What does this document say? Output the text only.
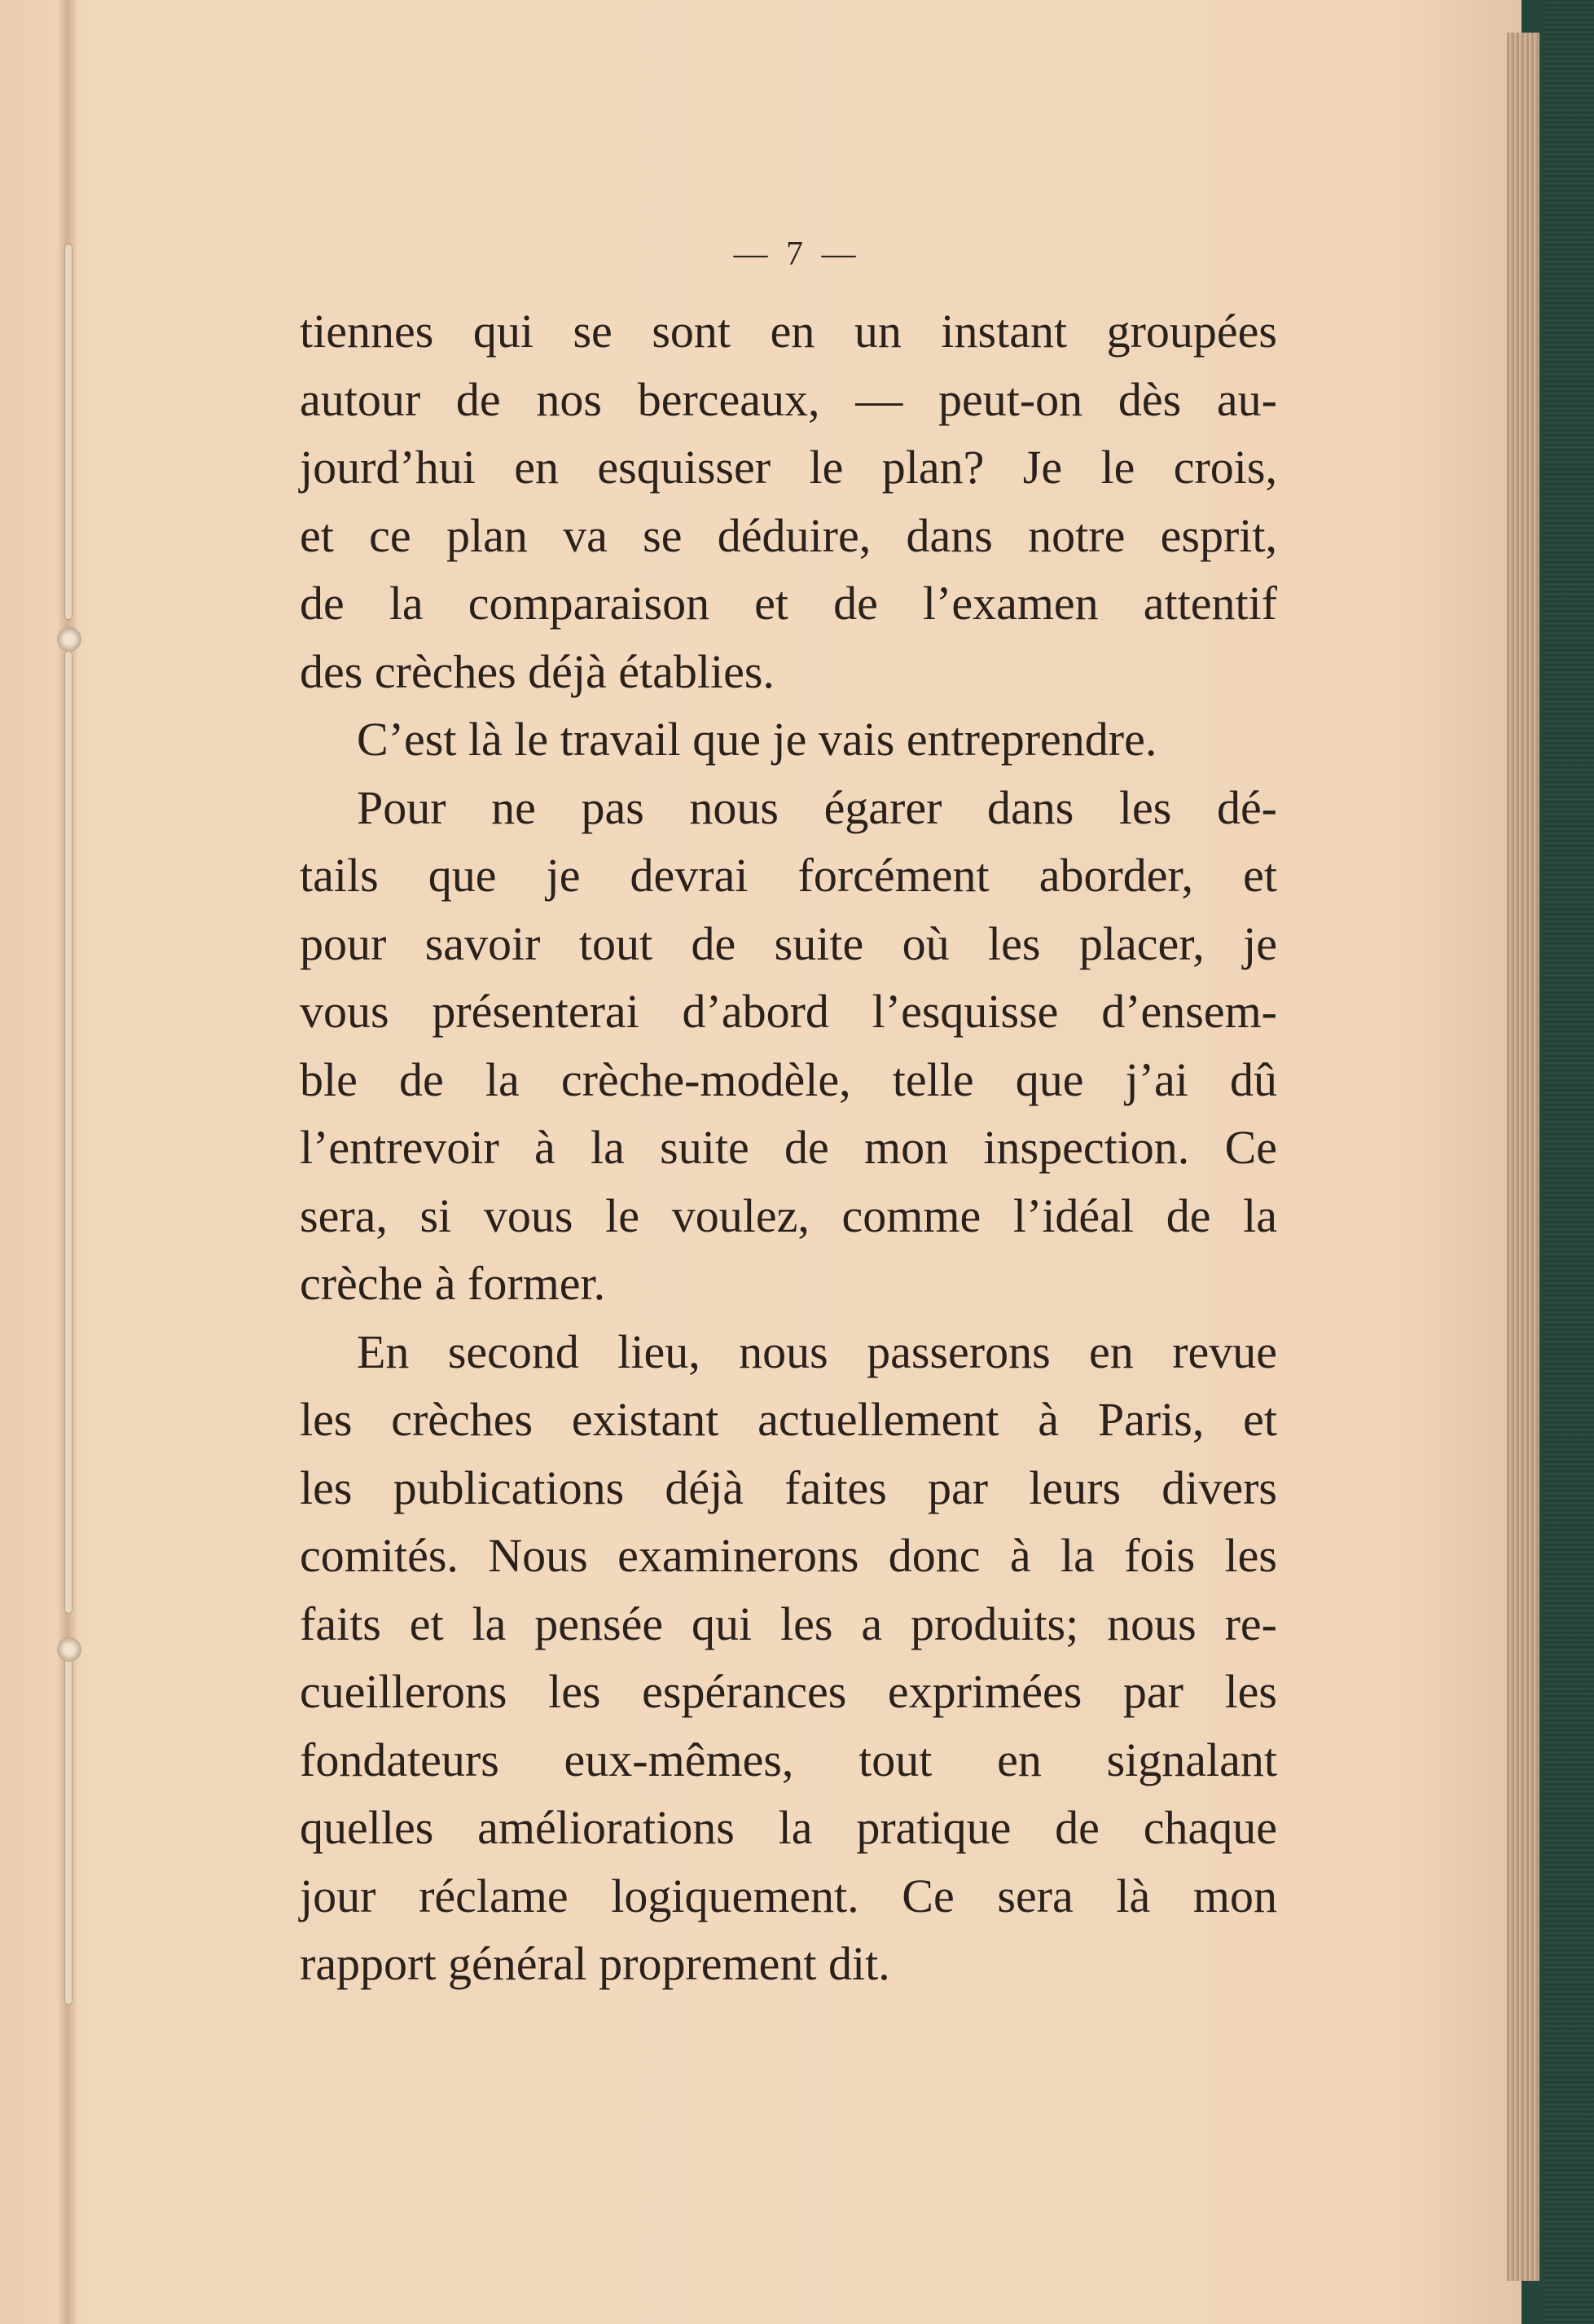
— 7 —
tiennes qui se sont en un instant groupées
autour de nos berceaux, — peut-on dès au-
jourd’hui en esquisser le plan? Je le crois,
et ce plan va se déduire, dans notre esprit,
de la comparaison et de l’examen attentif
des crèches déjà établies.
C’est là le travail que je vais entreprendre.
Pour ne pas nous égarer dans les dé-
tails que je devrai forcément aborder, et
pour savoir tout de suite où les placer, je
vous présenterai d’abord l’esquisse d’ensem-
ble de la crèche-modèle, telle que j’ai dû
l’entrevoir à la suite de mon inspection. Ce
sera, si vous le voulez, comme l’idéal de la
crèche à former.
En second lieu, nous passerons en revue
les crèches existant actuellement à Paris, et
les publications déjà faites par leurs divers
comités. Nous examinerons donc à la fois les
faits et la pensée qui les a produits; nous re-
cueillerons les espérances exprimées par les
fondateurs eux-mêmes, tout en signalant
quelles améliorations la pratique de chaque
jour réclame logiquement. Ce sera là mon
rapport général proprement dit.
